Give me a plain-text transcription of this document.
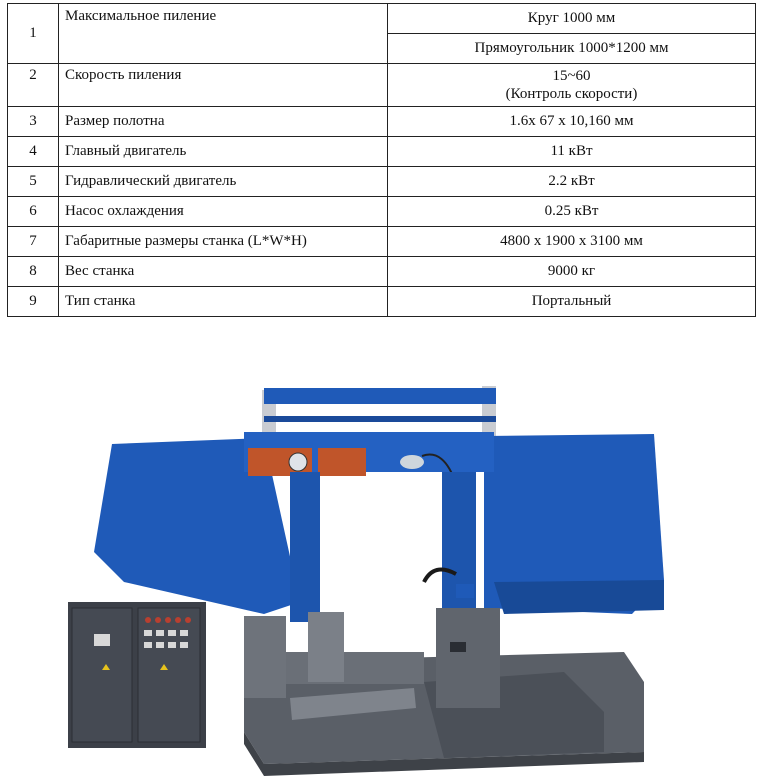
1	Максимальное пиление	Круг 1000 мм
		Прямоугольник 1000*1200 мм
2	Скорость пиления	15~60
(Контроль скорости)

3	Размер полотна	1.6x 67 x 10,160 мм
4	Главный двигатель	11 кВт
5	Гидравлический двигатель	2.2 кВт
6	Насос охлаждения	0.25 кВт
7	Габаритные размеры станка (L*W*H)	4800 x 1900 x 3100 мм
8	Вес станка	9000 кг
9	Тип станка	Портальный
